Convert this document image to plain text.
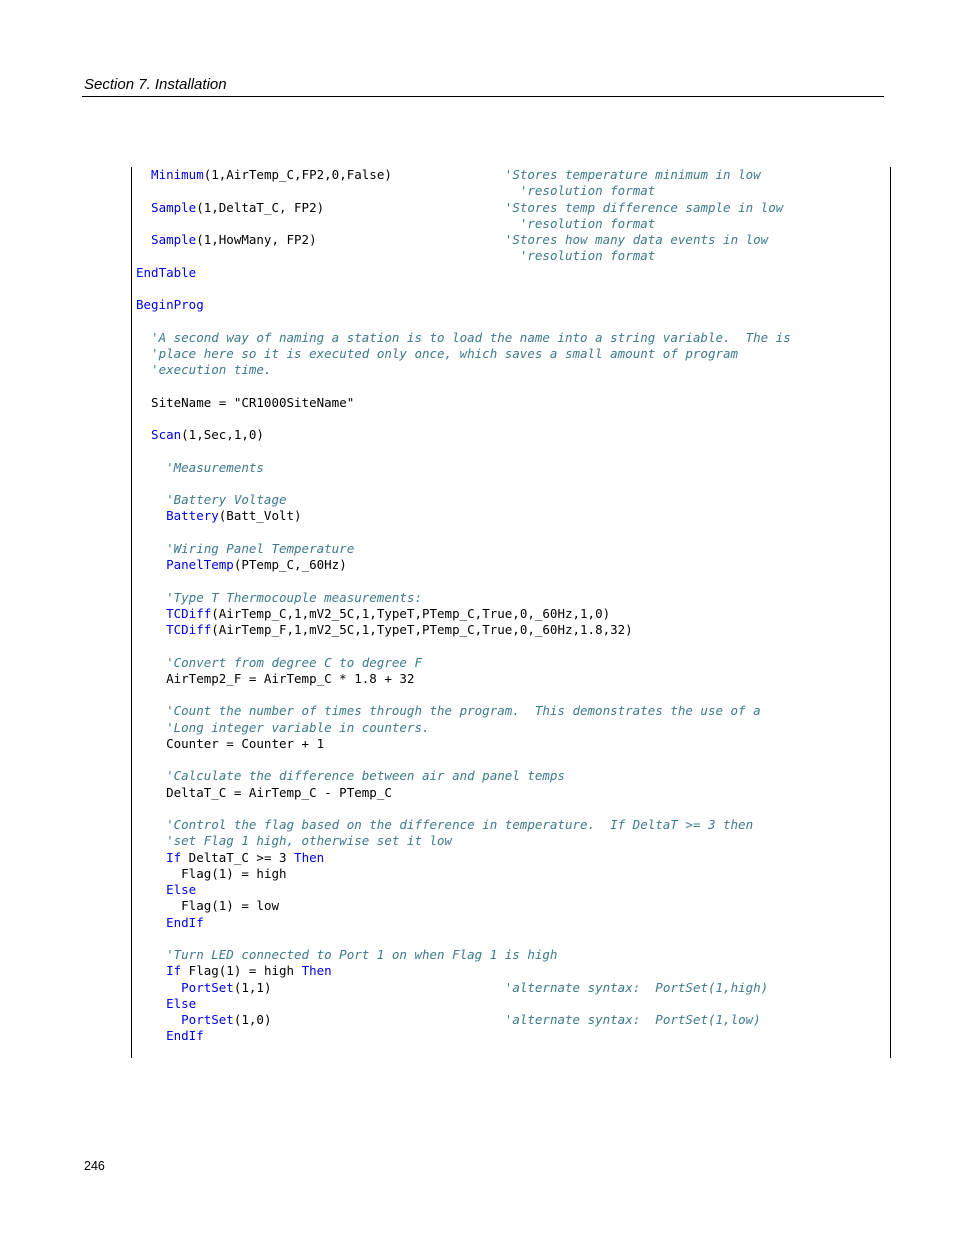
Section 7. Installation

Minimum (1,AirTemp_C,FP2,0,False)	'Stores temperature minimum in low
'resolution format

Sample (1,DeltaT_C, FP2)	'Stores temp difference sample in low
'resolution format

Sample (1,HowMany, FP2)	'Stores how many data events in low
'resolution format
EndTable
BeginProg

'A second way of naming a station is to load the name into a string variable.  The is

'place here so it is executed only once, which saves a small amount of program

'execution time.

SiteName = "CR1000SiteName"

Scan (1,Sec,1,0)

'Measurements

'Battery Voltage

Battery (Batt_Volt)

'Wiring Panel Temperature

PanelTemp (PTemp_C,_60Hz)

'Type T Thermocouple measurements:

TCDiff (AirTemp_C,1,mV2_5C,1,TypeT,PTemp_C,True,0,_60Hz,1,0)

TCDiff (AirTemp_F,1,mV2_5C,1,TypeT,PTemp_C,True,0,_60Hz,1.8,32)

'Convert from degree C to degree F

AirTemp2_F = AirTemp_C * 1.8 + 32

'Count the number of times through the program.  This demonstrates the use of a

'Long integer variable in counters.

Counter = Counter + 1

'Calculate the difference between air and panel temps

DeltaT_C = AirTemp_C - PTemp_C

'Control the flag based on the difference in temperature.  If DeltaT >= 3 then

'set Flag 1 high, otherwise set it low

If DeltaT_C >= 3 Then

Flag(1) = high

Else

Flag(1) = low

EndIf

'Turn LED connected to Port 1 on when Flag 1 is high

If Flag(1) = high Then

PortSet (1,1)	'alternate syntax:  PortSet(1,high)

Else

PortSet (1,0)	'alternate syntax:  PortSet(1,low)

EndIf
246
